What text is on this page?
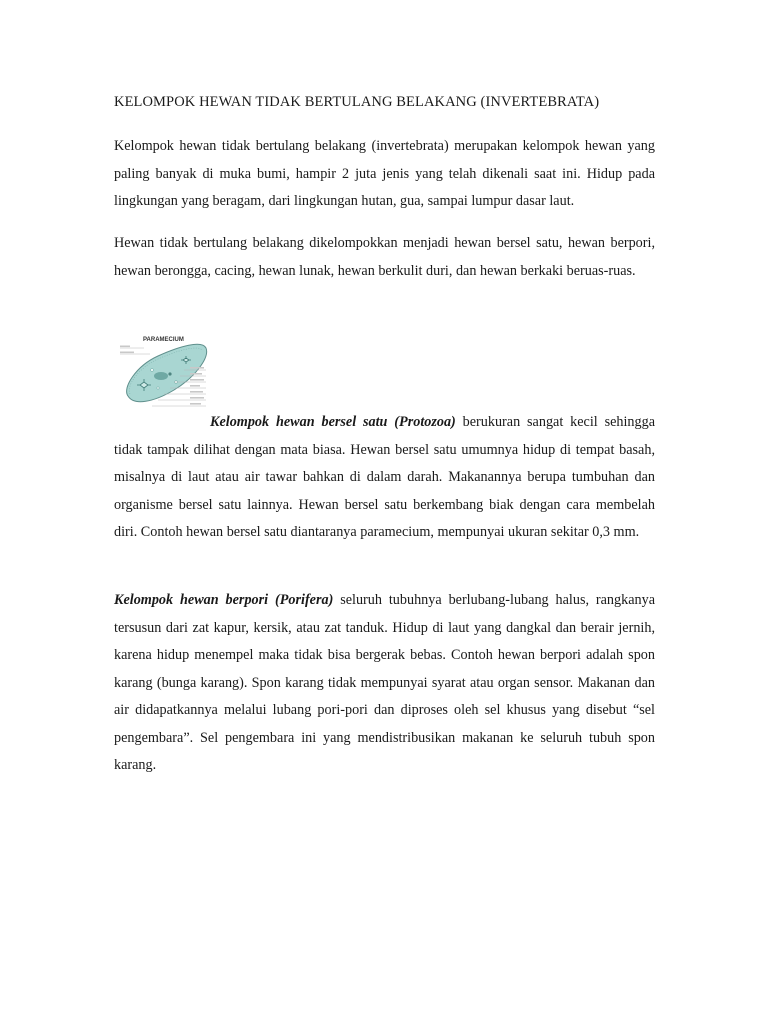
KELOMPOK HEWAN TIDAK BERTULANG BELAKANG (INVERTEBRATA)

Kelompok hewan tidak bertulang belakang (invertebrata) merupakan kelompok hewan yang paling banyak di muka bumi, hampir 2 juta jenis yang telah dikenali saat ini. Hidup pada lingkungan yang beragam, dari lingkungan hutan, gua, sampai lumpur dasar laut.

Hewan tidak bertulang belakang dikelompokkan menjadi hewan bersel satu, hewan berpori, hewan berongga, cacing, hewan lunak, hewan berkulit duri, dan hewan berkaki beruas-ruas.

Kelompok hewan bersel satu (Protozoa) berukuran sangat kecil sehingga tidak tampak dilihat dengan mata biasa. Hewan bersel satu umumnya hidup di tempat basah, misalnya di laut atau air tawar bahkan di dalam darah. Makanannya berupa tumbuhan dan organisme bersel satu lainnya. Hewan bersel satu berkembang biak dengan cara membelah diri. Contoh hewan bersel satu diantaranya paramecium, mempunyai ukuran sekitar 0,3 mm.

Kelompok hewan berpori (Porifera) seluruh tubuhnya berlubang-lubang halus, rangkanya tersusun dari zat kapur, kersik, atau zat tanduk. Hidup di laut yang dangkal dan berair jernih, karena hidup menempel maka tidak bisa bergerak bebas. Contoh hewan berpori adalah spon karang (bunga karang). Spon karang tidak mempunyai syarat atau organ sensor. Makanan dan air didapatkannya melalui lubang pori-pori dan diproses oleh sel khusus yang disebut “sel pengembara”. Sel pengembara ini yang mendistribusikan makanan ke seluruh tubuh spon karang.

PARAMECIUM
